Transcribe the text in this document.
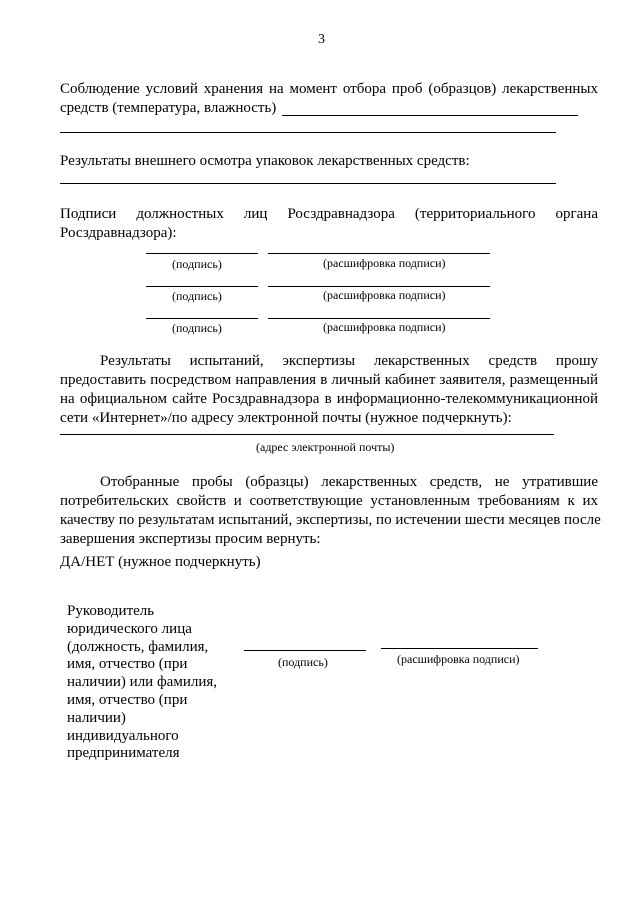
3
Соблюдение условий хранения на момент отбора проб (образцов) лекарственных
средств (температура, влажность)
Результаты внешнего осмотра упаковок лекарственных средств:
Подписи должностных лиц Росздравнадзора (территориального органа
Росздравнадзора):
(подпись)	(расшифровка подписи)
(подпись)	(расшифровка подписи)
(подпись)	(расшифровка подписи)
Результаты испытаний, экспертизы лекарственных средств прошу
предоставить посредством направления в личный кабинет заявителя, размещенный
на официальном сайте Росздравнадзора в информационно-телекоммуникационной
сети «Интернет»/по адресу электронной почты (нужное подчеркнуть):
(адрес электронной почты)
Отобранные пробы (образцы) лекарственных средств, не утратившие
потребительских свойств и соответствующие установленным требованиям к их
качеству по результатам испытаний, экспертизы, по истечении шести месяцев после
завершения экспертизы просим вернуть:
ДА/НЕТ (нужное подчеркнуть)
Руководитель
юридического лица
(должность, фамилия,
имя, отчество (при
наличии) или фамилия,
имя, отчество (при
наличии)
индивидуального
предпринимателя
(подпись)	(расшифровка подписи)
